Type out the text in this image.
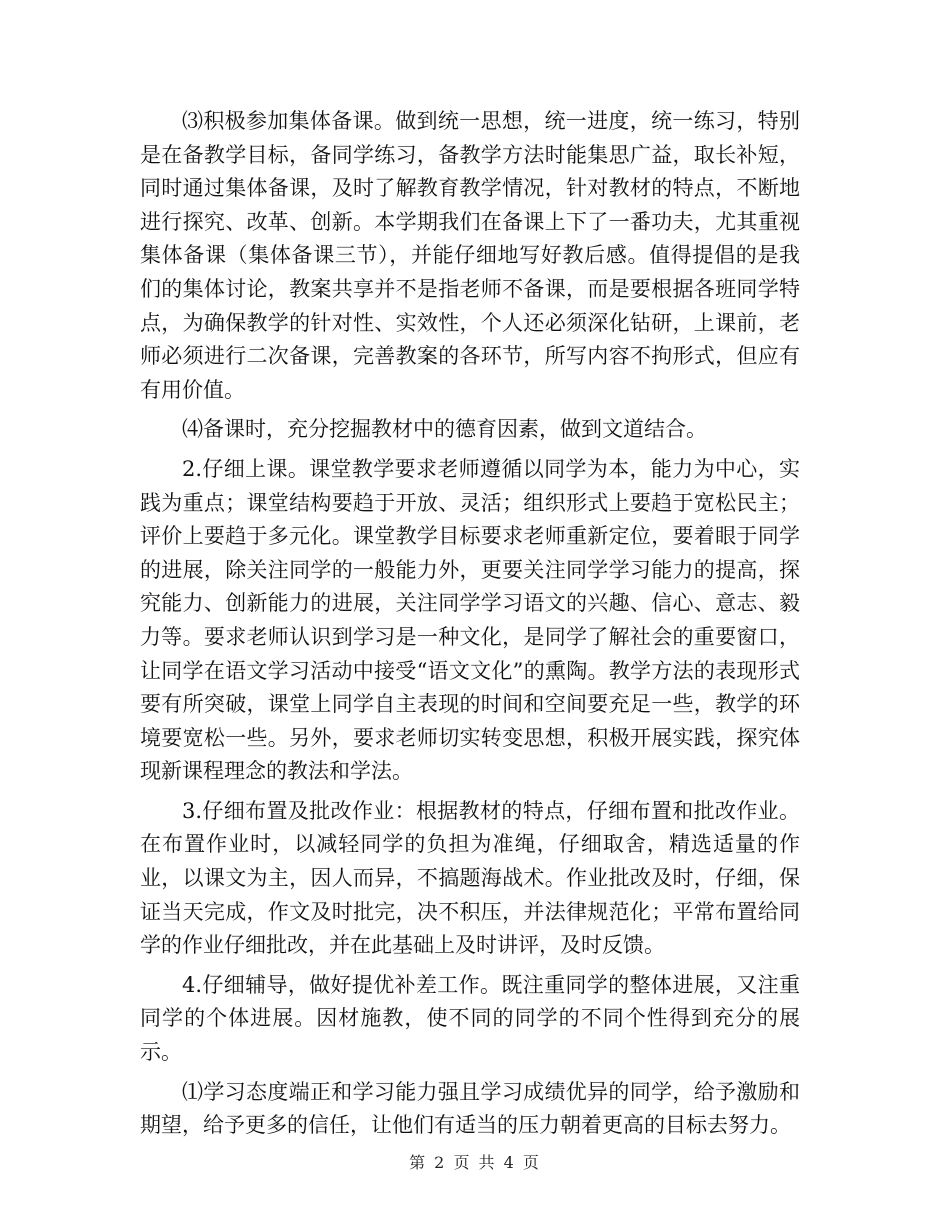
⑶积极参加集体备课。做到统一思想，统一进度，统一练习，特别是在备教学目标，备同学练习，备教学方法时能集思广益，取长补短，同时通过集体备课，及时了解教育教学情况，针对教材的特点，不断地进行探究、改革、创新。本学期我们在备课上下了一番功夫，尤其重视集体备课（集体备课三节），并能仔细地写好教后感。值得提倡的是我们的集体讨论，教案共享并不是指老师不备课，而是要根据各班同学特点，为确保教学的针对性、实效性，个人还必须深化钻研，上课前，老师必须进行二次备课，完善教案的各环节，所写内容不拘形式，但应有有用价值。

⑷备课时，充分挖掘教材中的德育因素，做到文道结合。

2.仔细上课。课堂教学要求老师遵循以同学为本，能力为中心，实践为重点；课堂结构要趋于开放、灵活；组织形式上要趋于宽松民主；评价上要趋于多元化。课堂教学目标要求老师重新定位，要着眼于同学的进展，除关注同学的一般能力外，更要关注同学学习能力的提高，探究能力、创新能力的进展，关注同学学习语文的兴趣、信心、意志、毅力等。要求老师认识到学习是一种文化，是同学了解社会的重要窗口，让同学在语文学习活动中接受“语文文化”的熏陶。教学方法的表现形式要有所突破，课堂上同学自主表现的时间和空间要充足一些，教学的环境要宽松一些。另外，要求老师切实转变思想，积极开展实践，探究体现新课程理念的教法和学法。

3.仔细布置及批改作业：根据教材的特点，仔细布置和批改作业。在布置作业时，以减轻同学的负担为准绳，仔细取舍，精选适量的作业，以课文为主，因人而异，不搞题海战术。作业批改及时，仔细，保证当天完成，作文及时批完，决不积压，并法律规范化；平常布置给同学的作业仔细批改，并在此基础上及时讲评，及时反馈。

4.仔细辅导，做好提优补差工作。既注重同学的整体进展，又注重同学的个体进展。因材施教，使不同的同学的不同个性得到充分的展示。

⑴学习态度端正和学习能力强且学习成绩优异的同学，给予激励和期望，给予更多的信任，让他们有适当的压力朝着更高的目标去努力。

第 2 页 共 4 页
